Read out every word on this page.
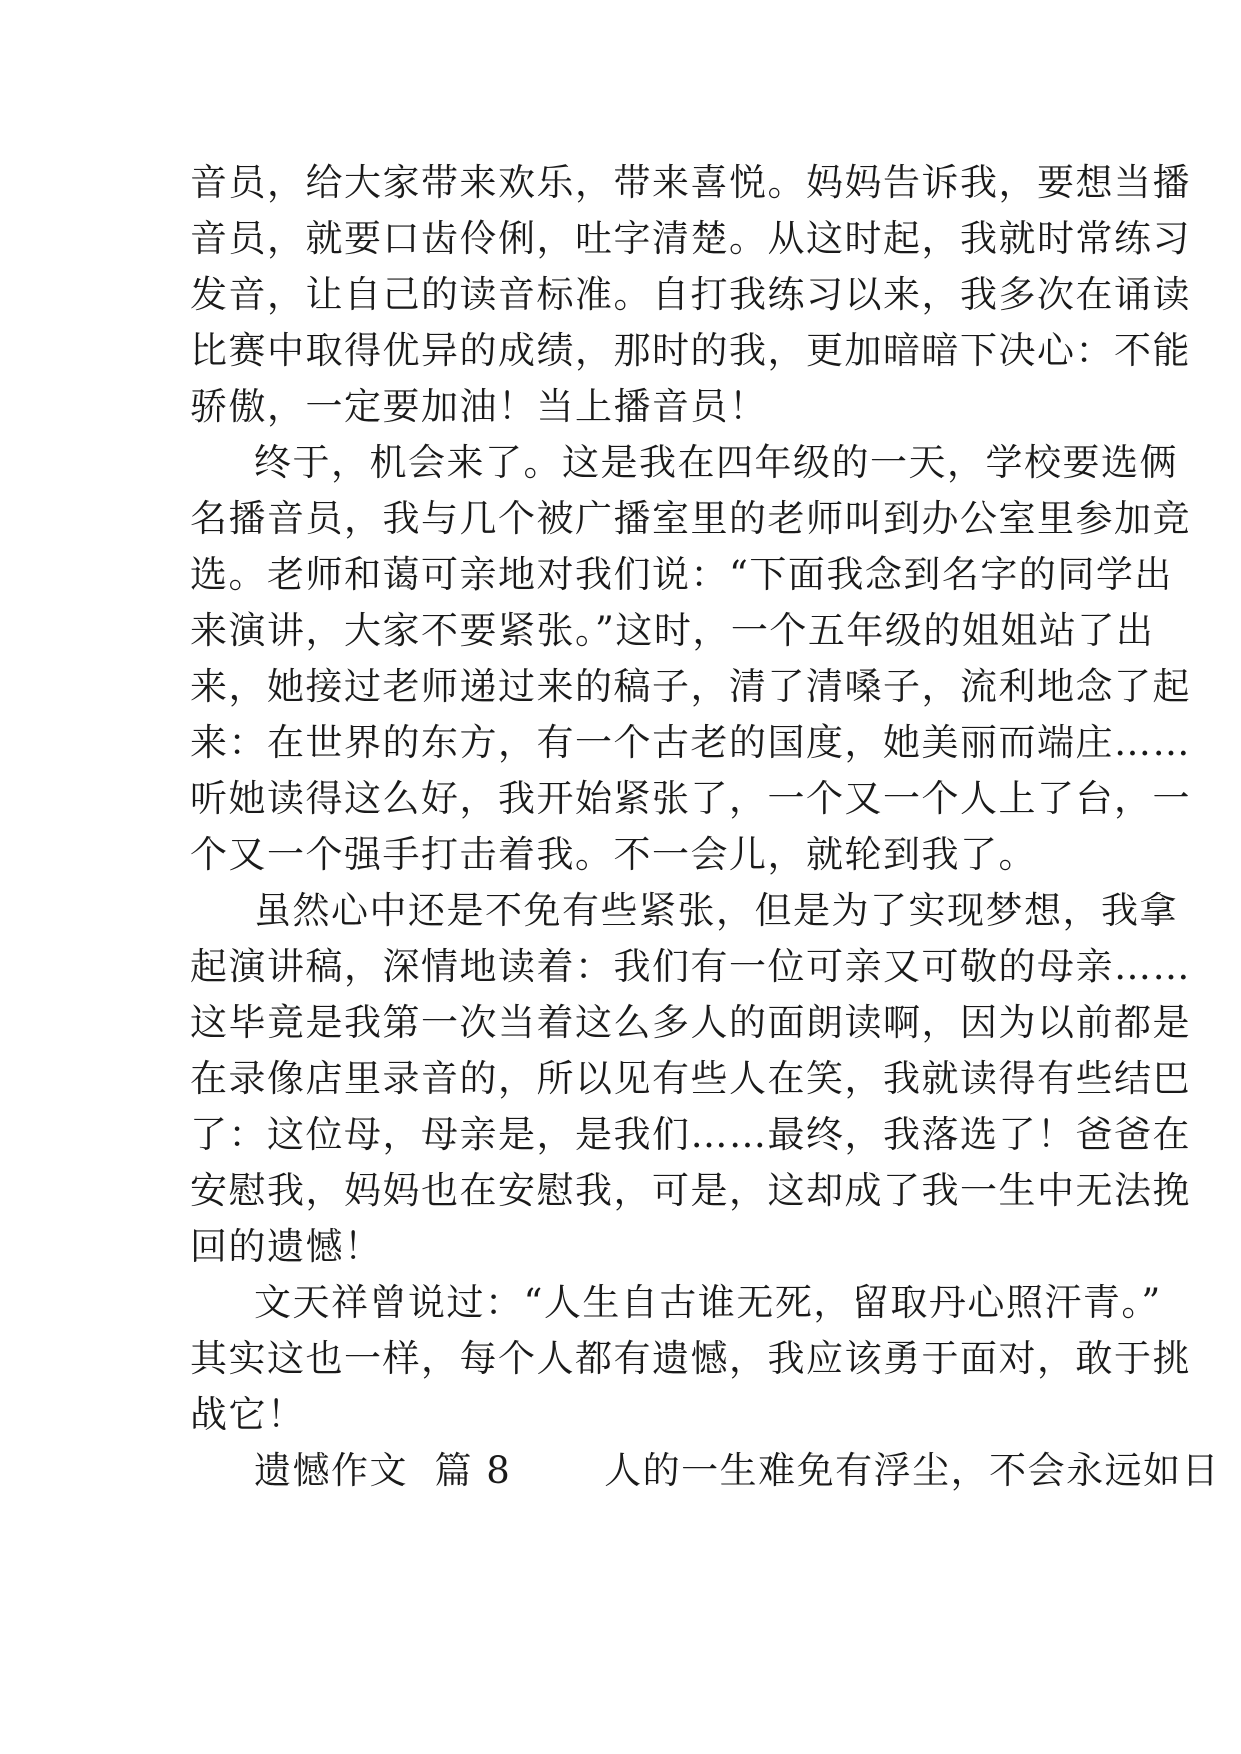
音员，给大家带来欢乐，带来喜悦。妈妈告诉我，要想当播
音员，就要口齿伶俐，吐字清楚。从这时起，我就时常练习
发音，让自己的读音标准。自打我练习以来，我多次在诵读
比赛中取得优异的成绩，那时的我，更加暗暗下决心：不能
骄傲，一定要加油！当上播音员！
终于，机会来了。这是我在四年级的一天，学校要选俩
名播音员，我与几个被广播室里的老师叫到办公室里参加竞
选。老师和蔼可亲地对我们说：“下面我念到名字的同学出
来演讲，大家不要紧张。”这时，一个五年级的姐姐站了出
来，她接过老师递过来的稿子，清了清嗓子，流利地念了起
来：在世界的东方，有一个古老的国度，她美丽而端庄……
听她读得这么好，我开始紧张了，一个又一个人上了台，一
个又一个强手打击着我。不一会儿，就轮到我了。
虽然心中还是不免有些紧张，但是为了实现梦想，我拿
起演讲稿，深情地读着：我们有一位可亲又可敬的母亲……
这毕竟是我第一次当着这么多人的面朗读啊，因为以前都是
在录像店里录音的，所以见有些人在笑，我就读得有些结巴
了：这位母，母亲是，是我们……最终，我落选了！爸爸在
安慰我，妈妈也在安慰我，可是，这却成了我一生中无法挽
回的遗憾！
文天祥曾说过：“人生自古谁无死，留取丹心照汗青。”
其实这也一样，每个人都有遗憾，我应该勇于面对，敢于挑
战它！
遗憾作文  篇 8       人的一生难免有浮尘，不会永远如日
